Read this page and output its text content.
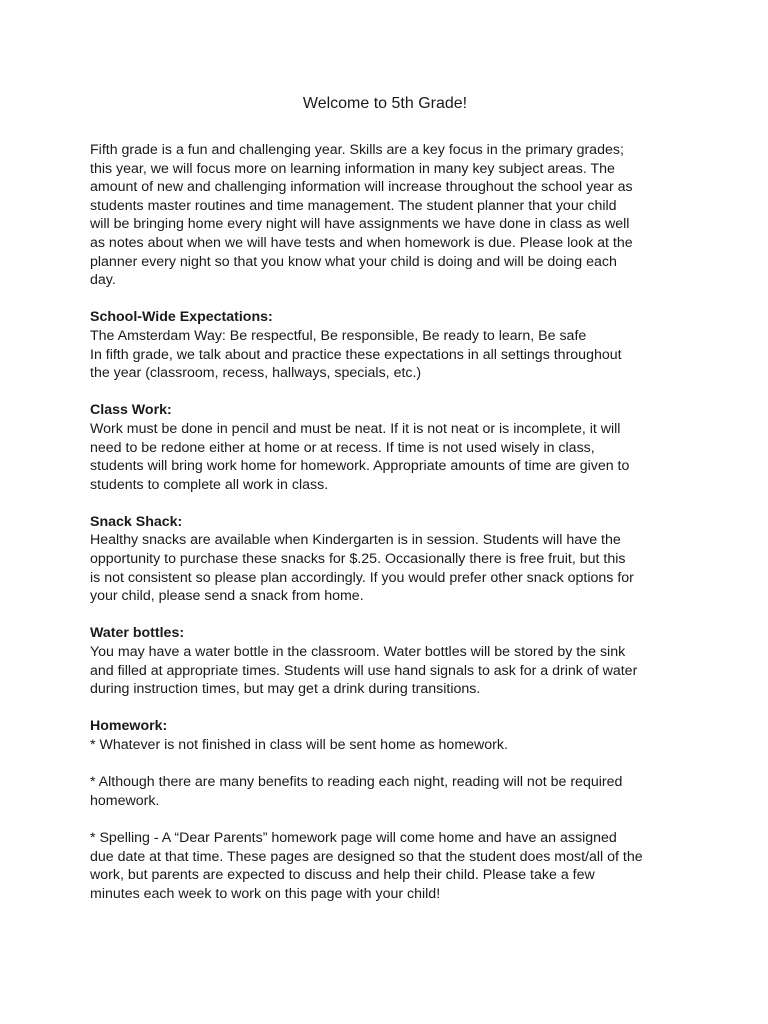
Welcome to 5th Grade!

Fifth grade is a fun and challenging year. Skills are a key focus in the primary grades;
this year, we will focus more on learning information in many key subject areas. The
amount of new and challenging information will increase throughout the school year as
students master routines and time management. The student planner that your child
will be bringing home every night will have assignments we have done in class as well
as notes about when we will have tests and when homework is due. Please look at the
planner every night so that you know what your child is doing and will be doing each
day.

School-Wide Expectations:

The Amsterdam Way: Be respectful, Be responsible, Be ready to learn, Be safe
In fifth grade, we talk about and practice these expectations in all settings throughout
the year (classroom, recess, hallways, specials, etc.)

Class Work:

Work must be done in pencil and must be neat. If it is not neat or is incomplete, it will
need to be redone either at home or at recess. If time is not used wisely in class,
students will bring work home for homework. Appropriate amounts of time are given to
students to complete all work in class.

Snack Shack:

Healthy snacks are available when Kindergarten is in session. Students will have the
opportunity to purchase these snacks for $.25. Occasionally there is free fruit, but this
is not consistent so please plan accordingly. If you would prefer other snack options for
your child, please send a snack from home.

Water bottles:

You may have a water bottle in the classroom. Water bottles will be stored by the sink
and filled at appropriate times. Students will use hand signals to ask for a drink of water
during instruction times, but may get a drink during transitions.

Homework:

* Whatever is not finished in class will be sent home as homework.

* Although there are many benefits to reading each night, reading will not be required
homework.

* Spelling - A “Dear Parents” homework page will come home and have an assigned
due date at that time. These pages are designed so that the student does most/all of the
work, but parents are expected to discuss and help their child. Please take a few
minutes each week to work on this page with your child!
